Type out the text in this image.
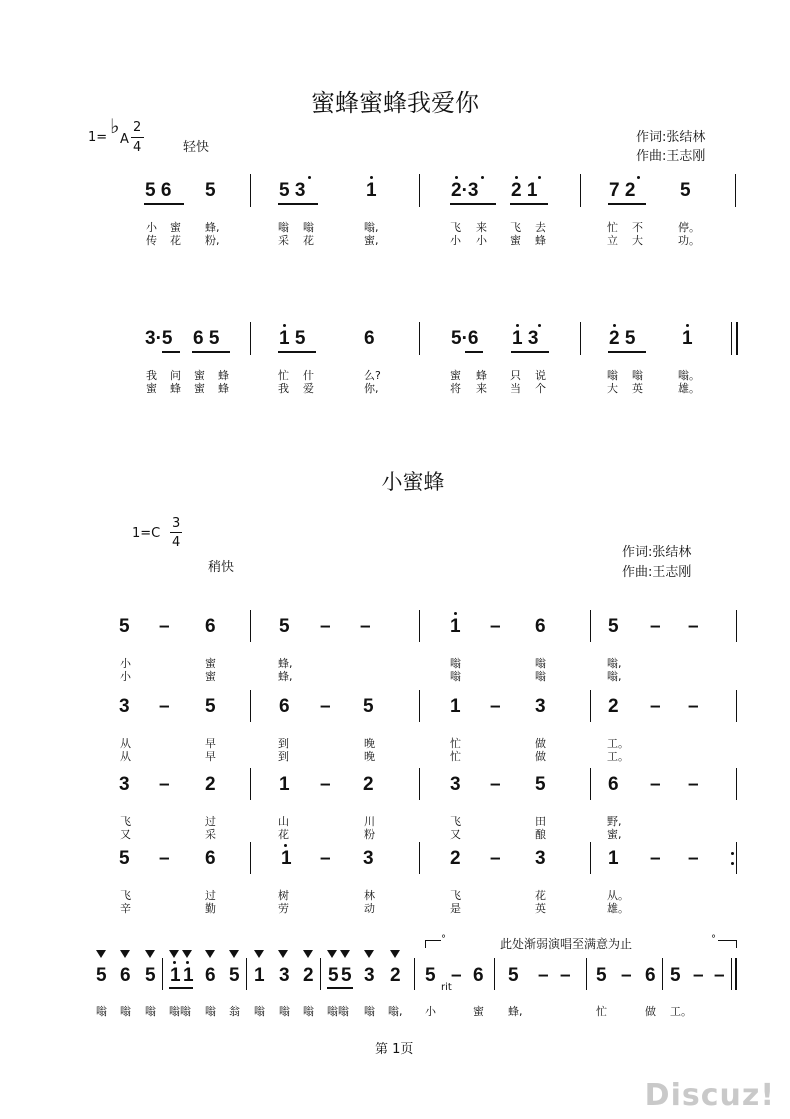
蜜蜂蜜蜂我爱你
1= ♭
A
2
4	轻快
作词:张结林
作曲:王志刚
5 6 5	5 3	1	2·3 2 1	7 2 5
小 蜜 蜂,	嗡 嗡	嗡,	飞 来 飞 去	忙 不	停。
传 花 粉,	采 花	蜜,	小 小 蜜 蜂	立 大	功。
3·5 6 5	1 5	6	5·6 1 3	2 5 1
我 问 蜜 蜂	忙 什	么?	蜜 蜂 只 说	嗡 嗡	嗡。
蜜 蜂 蜜 蜂	我 爱	你,	将 来 当 个	大 英	雄。
小蜜蜂
1=C
3
4
稍快
作词:张结林
作曲:王志刚
5 – 6	5 – –	1 – 6	5 – –
小	蜜	蜂,	嗡	嗡	嗡,
小	蜜	蜂,	嗡	嗡	嗡,
3 – 5	6 – 5	1 – 3	2 – –
从	早	到	晚	忙	做	工。
从	早	到	晚	忙	做	工。
3 – 2	1 – 2	3 – 5	6 – –
飞	过	山	川	飞	田	野,
又	采	花	粉	又	酿	蜜,
5 – 6	1 – 3	2 – 3	1 – –
飞	过	树	林	飞	花	从。
辛	勤	劳	动	是	英	雄。
°	此处渐弱演唱至满意为止	°
5 6 5 1 1 6 5 1 3 2 5 5 3 2 5 –
rit
6 5 – – 5 – 6 5 – –
嗡 嗡 嗡 嗡嗡 嗡 翁 嗡 嗡 嗡 嗡嗡 嗡 嗡, 小	蜜 蜂,	忙	做 工。
第 1页
Discuz!
